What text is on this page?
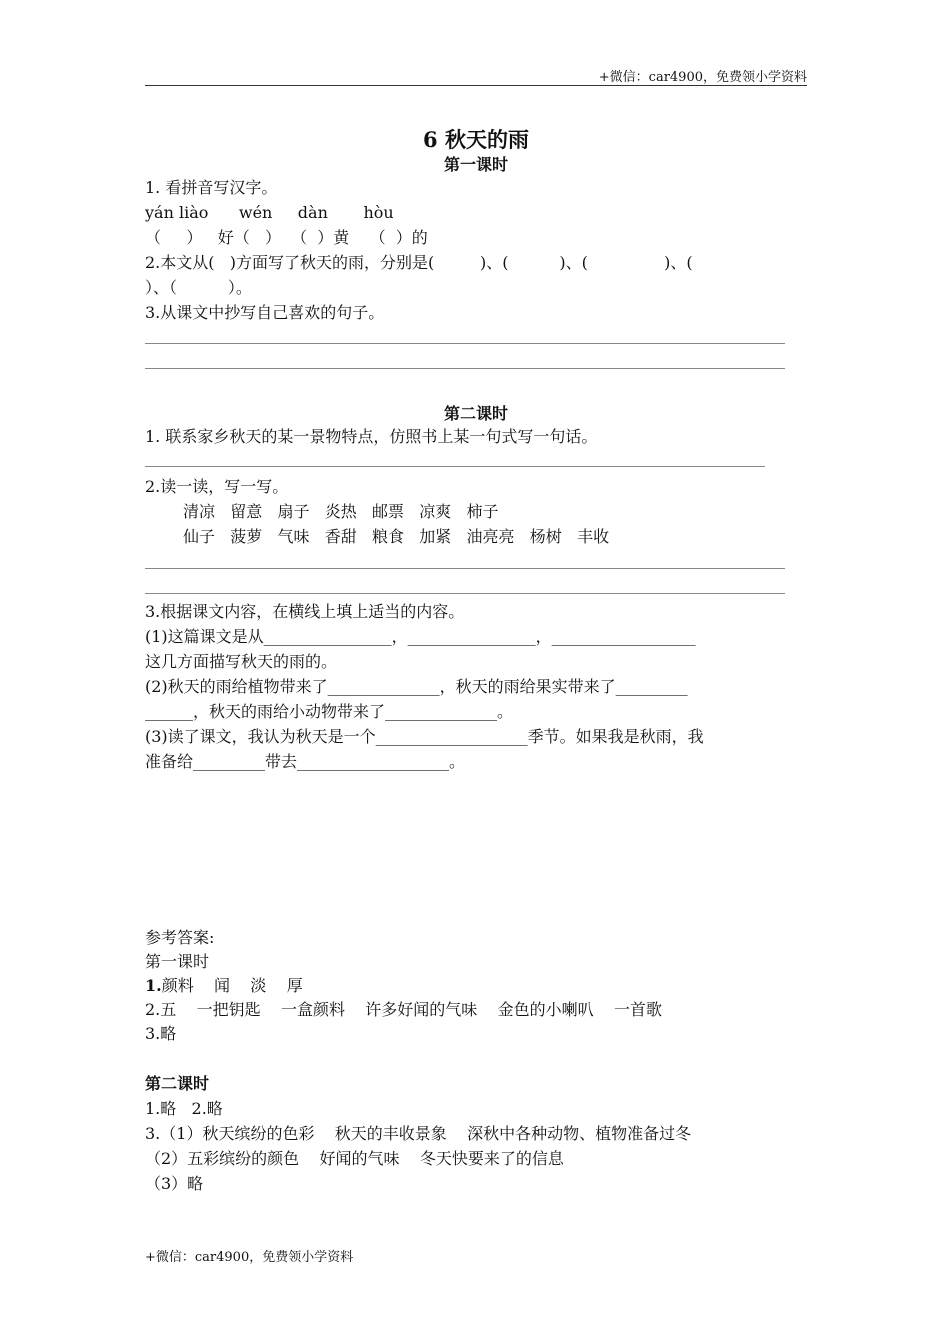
+微信：car4900，免费领小学资料
6 秋天的雨
第一课时
1. 看拼音写汉字。
yán liào      wén     dàn       hòu
（     ）   好（   ）  （  ）黄    （  ）的
2.本文从(   )方面写了秋天的雨，分别是(         )、(          )、(               )、(
）、（          ）。
3.从课文中抄写自己喜欢的句子。
第二课时
1. 联系家乡秋天的某一景物特点，仿照书上某一句式写一句话。
2.读一读，写一写。
清凉   留意   扇子   炎热   邮票   凉爽   柿子
仙子   菠萝   气味   香甜   粮食   加紧   油亮亮   杨树   丰收
3.根据课文内容，在横线上填上适当的内容。
(1)这篇课文是从________________，________________，__________________
这几方面描写秋天的雨的。
(2)秋天的雨给植物带来了______________，秋天的雨给果实带来了_________
______，秋天的雨给小动物带来了______________。
(3)读了课文，我认为秋天是一个___________________季节。如果我是秋雨，我
准备给_________带去___________________。
参考答案:
第一课时
1.颜料    闻    淡    厚
2.五    一把钥匙    一盒颜料    许多好闻的气味    金色的小喇叭    一首歌
3.略
第二课时
1.略   2.略
3.（1）秋天缤纷的色彩    秋天的丰收景象    深秋中各种动物、植物准备过冬
（2）五彩缤纷的颜色    好闻的气味    冬天快要来了的信息
（3）略
+微信：car4900，免费领小学资料
